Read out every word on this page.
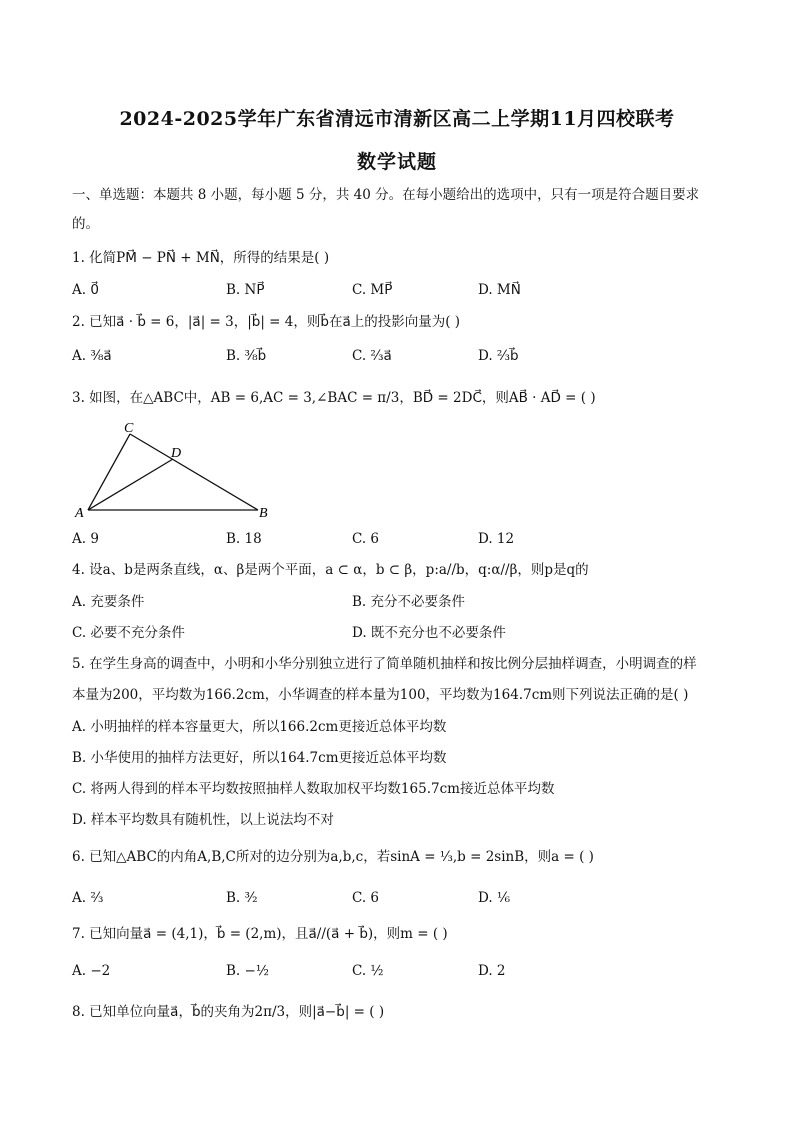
2024-2025学年广东省清远市清新区高二上学期11月四校联考
数学试题
一、单选题：本题共 8 小题，每小题 5 分，共 40 分。在每小题给出的选项中，只有一项是符合题目要求
的。
1. 化简PM⃗ − PN⃗ + MN⃗，所得的结果是( )
A. 0⃗	B. NP⃗	C. MP⃗	D. MN⃗
2. 已知a⃗ · b⃗ = 6，|a⃗| = 3，|b⃗| = 4，则b⃗在a⃗上的投影向量为( )
A. ³⁄₈a⃗	B. ³⁄₈b⃗	C. ²⁄₃a⃗	D. ²⁄₃b⃗
3. 如图，在△ABC中，AB = 6,AC = 3,∠BAC = π/3，BD⃗ = 2DC⃗，则AB⃗ · AD⃗ = ( )
A	B
C
D
A. 9	B. 18	C. 6	D. 12
4. 设a、b是两条直线，α、β是两个平面，a ⊂ α，b ⊂ β，p:a//b，q:α//β，则p是q的
A. 充要条件	B. 充分不必要条件
C. 必要不充分条件	D. 既不充分也不必要条件
5. 在学生身高的调查中，小明和小华分别独立进行了简单随机抽样和按比例分层抽样调查，小明调查的样
本量为200，平均数为166.2cm，小华调查的样本量为100，平均数为164.7cm则下列说法正确的是( )
A. 小明抽样的样本容量更大，所以166.2cm更接近总体平均数
B. 小华使用的抽样方法更好，所以164.7cm更接近总体平均数
C. 将两人得到的样本平均数按照抽样人数取加权平均数165.7cm接近总体平均数
D. 样本平均数具有随机性，以上说法均不对
6. 已知△ABC的内角A,B,C所对的边分别为a,b,c，若sinA = ¹⁄₃,b = 2sinB，则a = ( )
A. ²⁄₃	B. ³⁄₂	C. 6	D. ¹⁄₆
7. 已知向量a⃗ = (4,1)，b⃗ = (2,m)，且a⃗//(a⃗ + b⃗)，则m = ( )
A. −2	B. −½	C. ½	D. 2
8. 已知单位向量a⃗，b⃗的夹角为2π/3，则|a⃗−b⃗| = ( )
